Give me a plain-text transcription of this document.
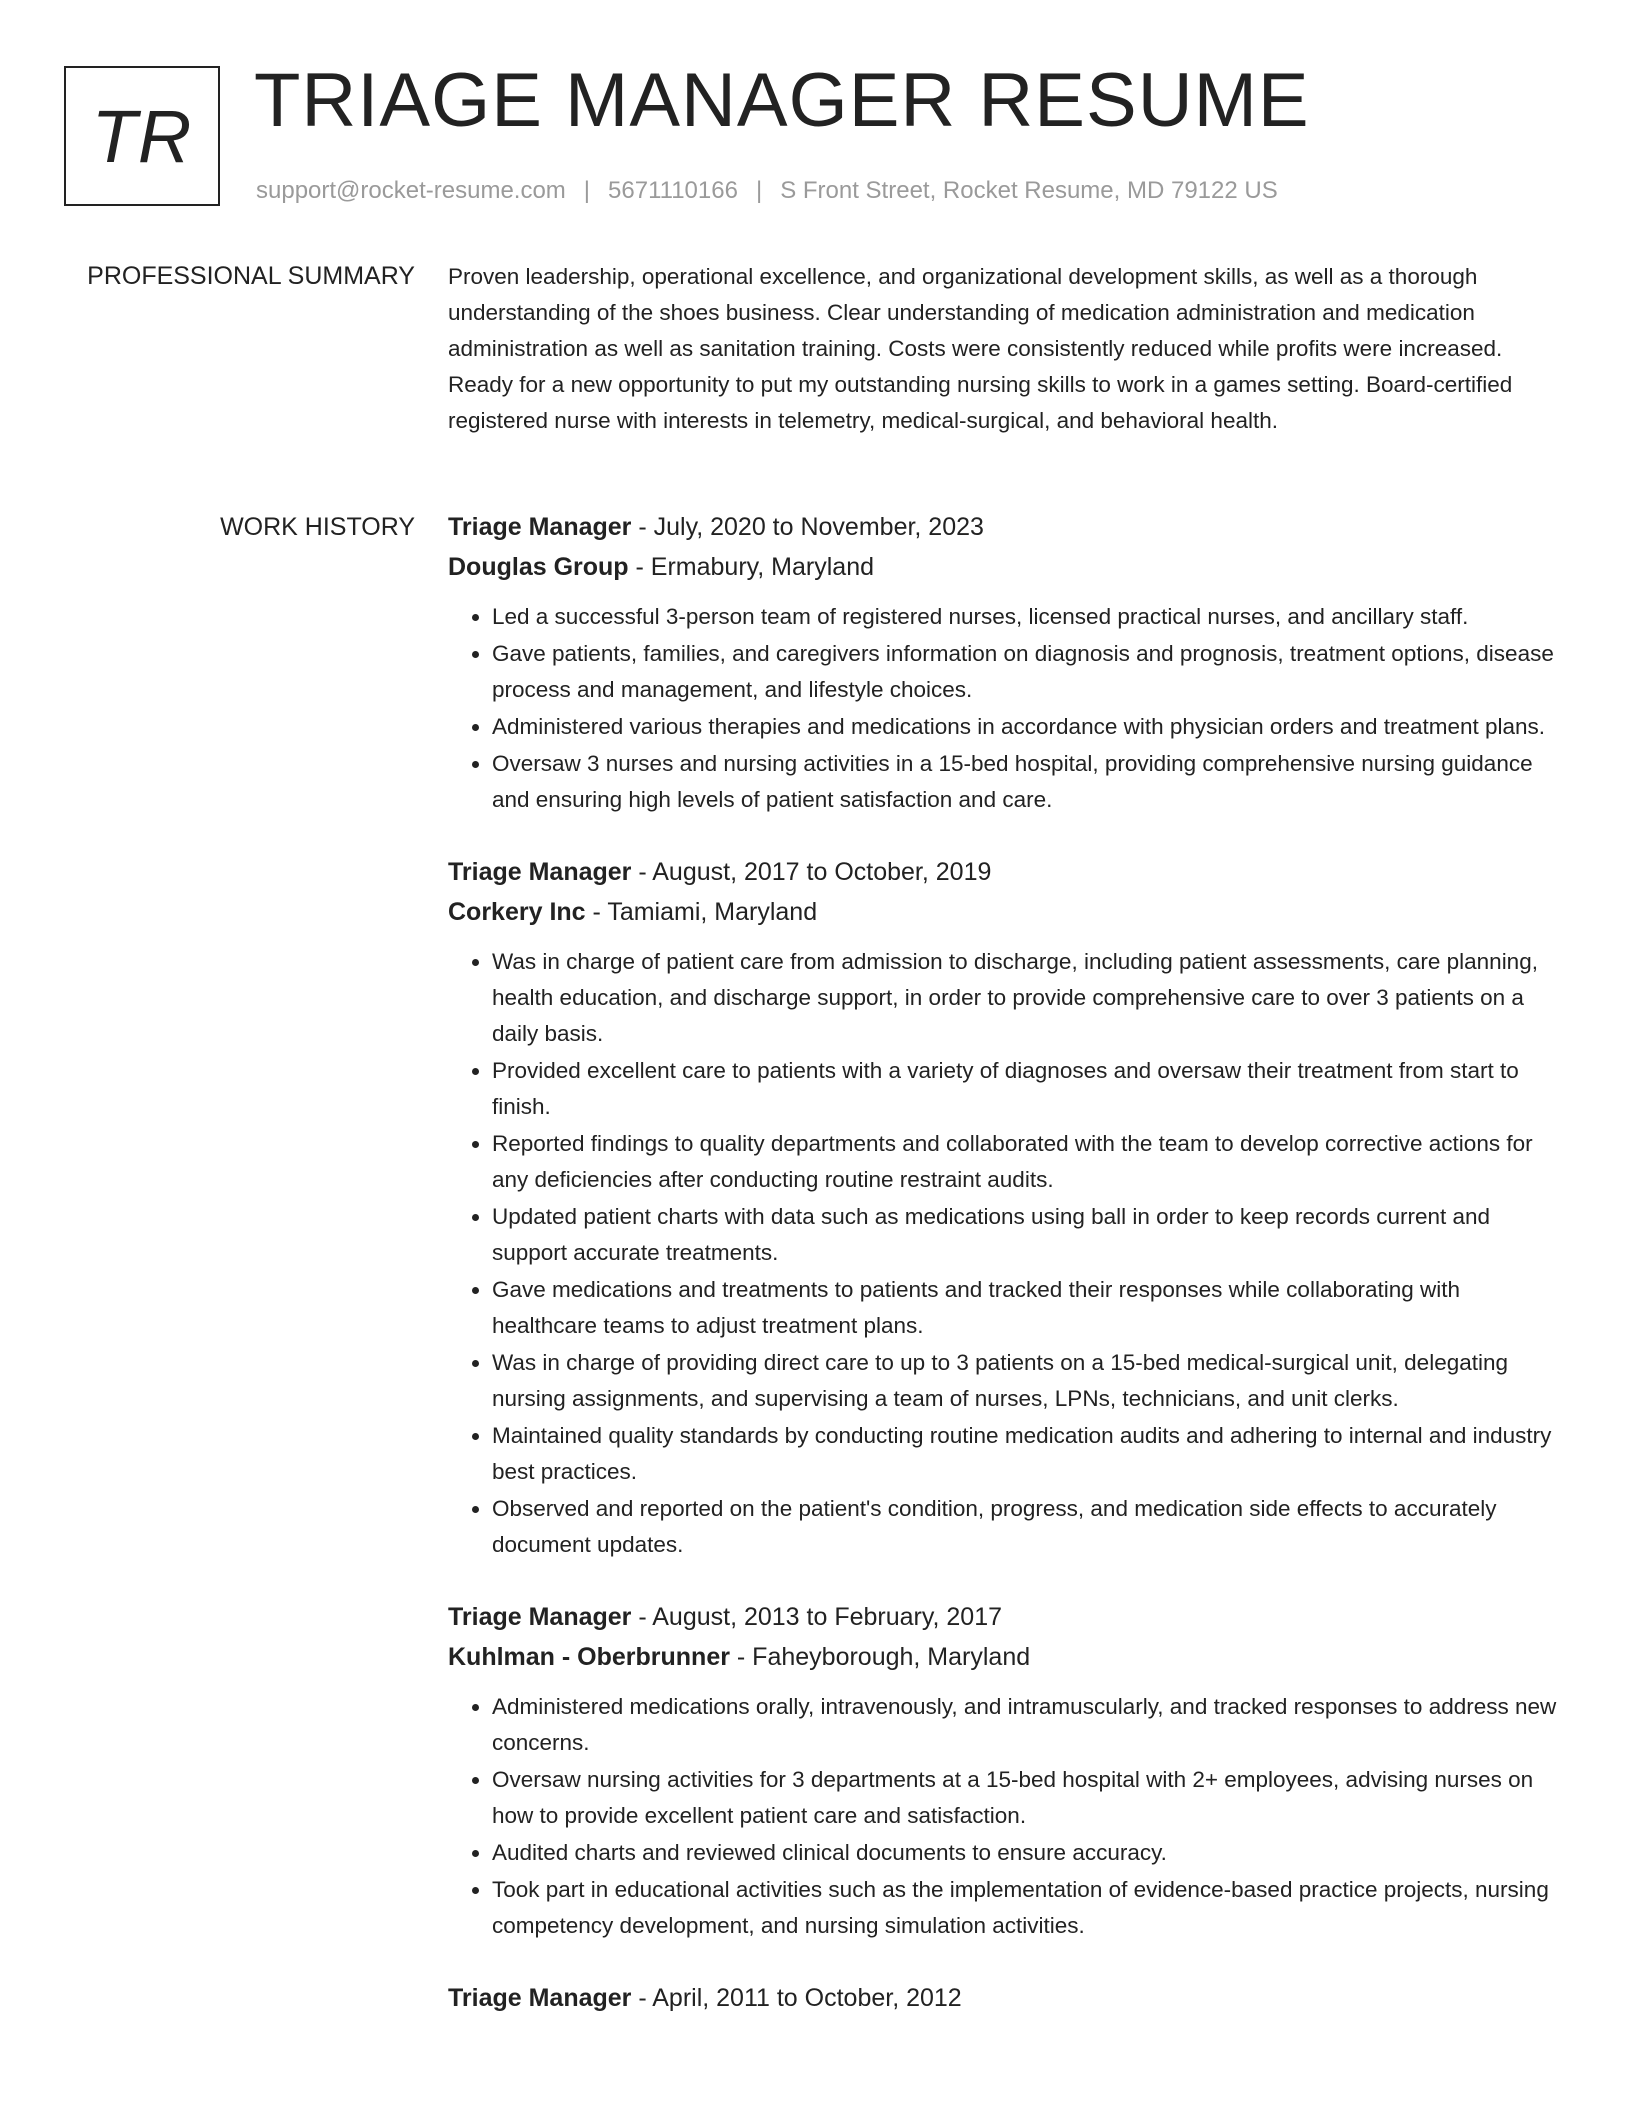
TR TRIAGE MANAGER RESUME
support@rocket-resume.com | 5671110166 | S Front Street, Rocket Resume, MD 79122 US
PROFESSIONAL SUMMARY Proven leadership, operational excellence, and organizational development skills, as well as a thorough understanding of the shoes business. Clear understanding of medication administration and medication administration as well as sanitation training. Costs were consistently reduced while profits were increased. Ready for a new opportunity to put my outstanding nursing skills to work in a games setting. Board-certified registered nurse with interests in telemetry, medical-surgical, and behavioral health.

WORK HISTORY Triage Manager - July, 2020 to November, 2023
Douglas Group - Ermabury, Maryland
• Led a successful 3-person team of registered nurses, licensed practical nurses, and ancillary staff.
• Gave patients, families, and caregivers information on diagnosis and prognosis, treatment options, disease process and management, and lifestyle choices.
• Administered various therapies and medications in accordance with physician orders and treatment plans.
• Oversaw 3 nurses and nursing activities in a 15-bed hospital, providing comprehensive nursing guidance and ensuring high levels of patient satisfaction and care.
Triage Manager - August, 2017 to October, 2019
Corkery Inc - Tamiami, Maryland
• Was in charge of patient care from admission to discharge, including patient assessments, care planning, health education, and discharge support, in order to provide comprehensive care to over 3 patients on a daily basis.
• Provided excellent care to patients with a variety of diagnoses and oversaw their treatment from start to finish.
• Reported findings to quality departments and collaborated with the team to develop corrective actions for any deficiencies after conducting routine restraint audits.
• Updated patient charts with data such as medications using ball in order to keep records current and support accurate treatments.
• Gave medications and treatments to patients and tracked their responses while collaborating with healthcare teams to adjust treatment plans.
• Was in charge of providing direct care to up to 3 patients on a 15-bed medical-surgical unit, delegating nursing assignments, and supervising a team of nurses, LPNs, technicians, and unit clerks.
• Maintained quality standards by conducting routine medication audits and adhering to internal and industry best practices.
• Observed and reported on the patient's condition, progress, and medication side effects to accurately document updates.
Triage Manager - August, 2013 to February, 2017
Kuhlman - Oberbrunner - Faheyborough, Maryland
• Administered medications orally, intravenously, and intramuscularly, and tracked responses to address new concerns.
• Oversaw nursing activities for 3 departments at a 15-bed hospital with 2+ employees, advising nurses on how to provide excellent patient care and satisfaction.
• Audited charts and reviewed clinical documents to ensure accuracy.
• Took part in educational activities such as the implementation of evidence-based practice projects, nursing competency development, and nursing simulation activities.
Triage Manager - April, 2011 to October, 2012
